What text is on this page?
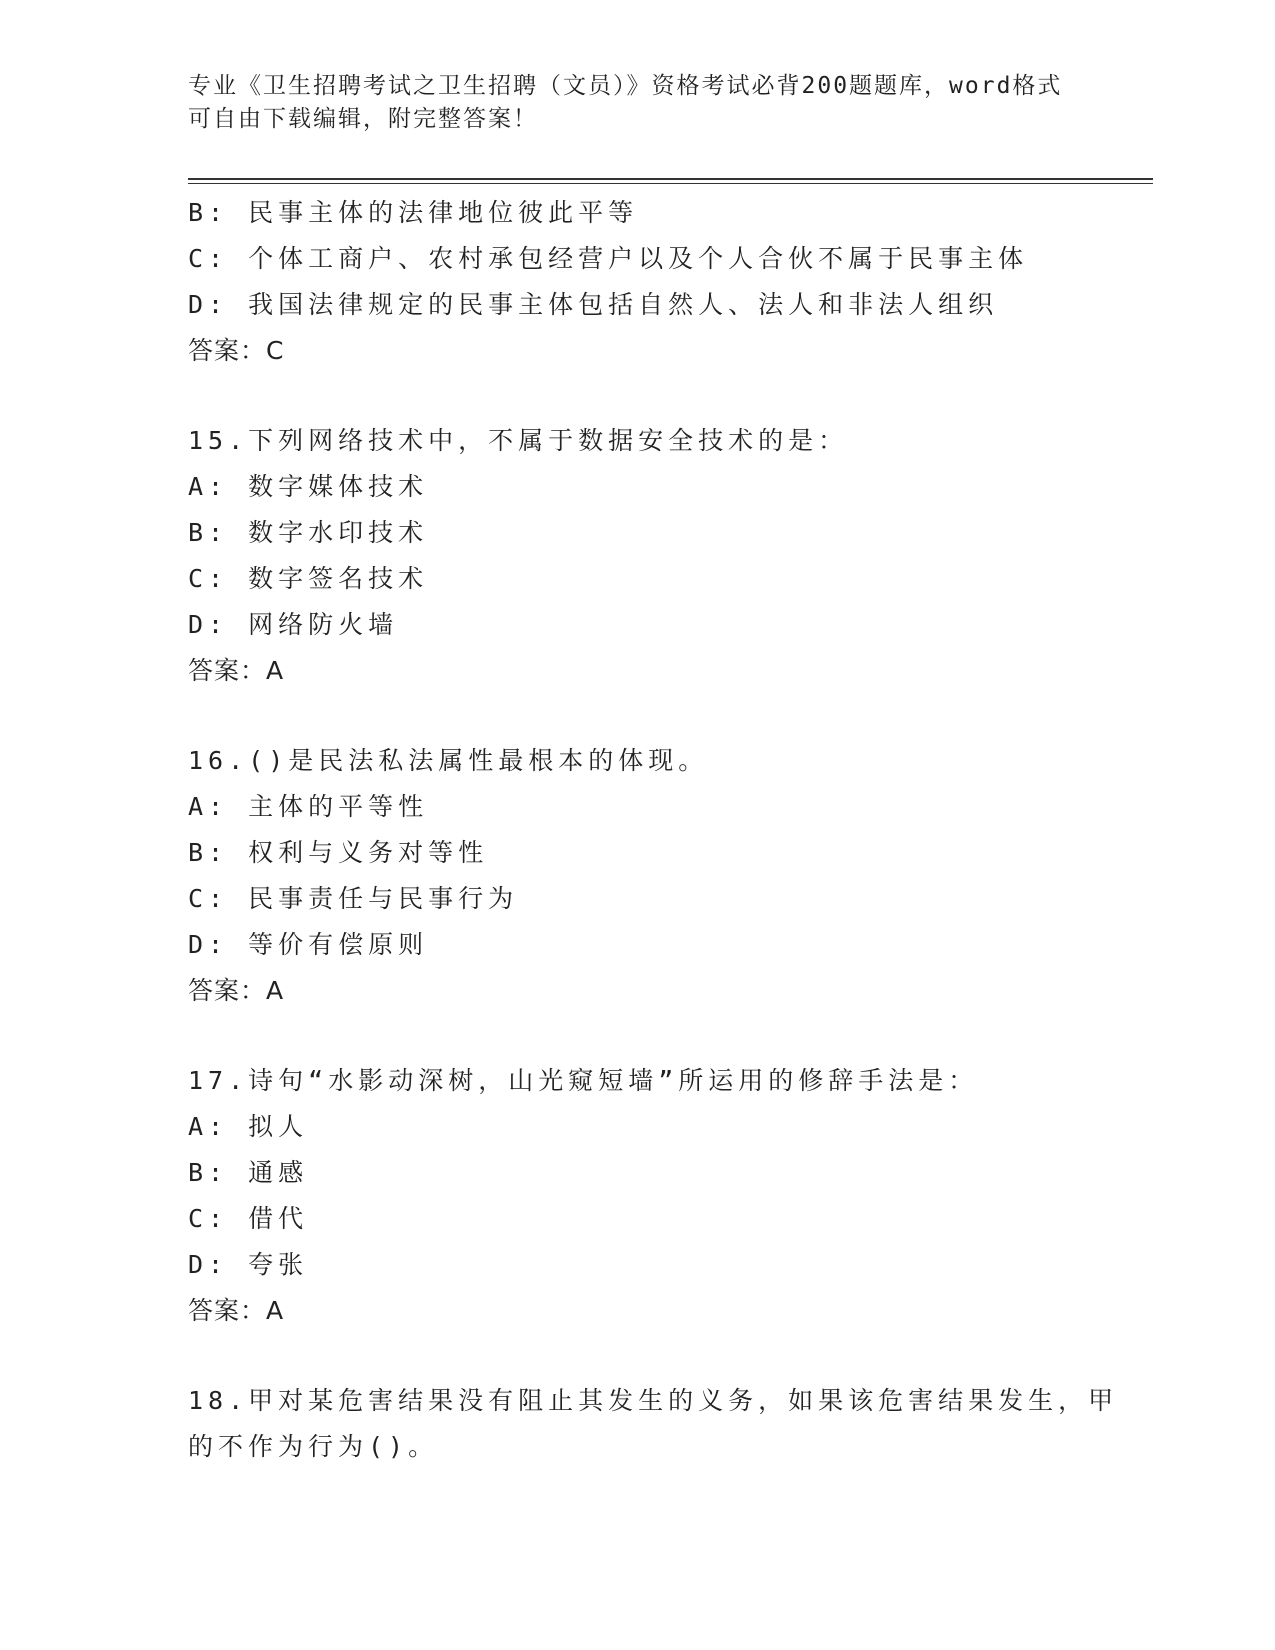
专业《卫生招聘考试之卫生招聘（文员）》资格考试必背200题题库，word格式
可自由下载编辑，附完整答案！
B: 民事主体的法律地位彼此平等
C: 个体工商户、农村承包经营户以及个人合伙不属于民事主体
D: 我国法律规定的民事主体包括自然人、法人和非法人组织
答案：C
15.下列网络技术中，不属于数据安全技术的是：
A: 数字媒体技术
B: 数字水印技术
C: 数字签名技术
D: 网络防火墙
答案：A
16.()是民法私法属性最根本的体现。
A: 主体的平等性
B: 权利与义务对等性
C: 民事责任与民事行为
D: 等价有偿原则
答案：A
17.诗句“水影动深树，山光窥短墙”所运用的修辞手法是：
A: 拟人
B: 通感
C: 借代
D: 夸张
答案：A
18.甲对某危害结果没有阻止其发生的义务，如果该危害结果发生，甲
的不作为行为()。
